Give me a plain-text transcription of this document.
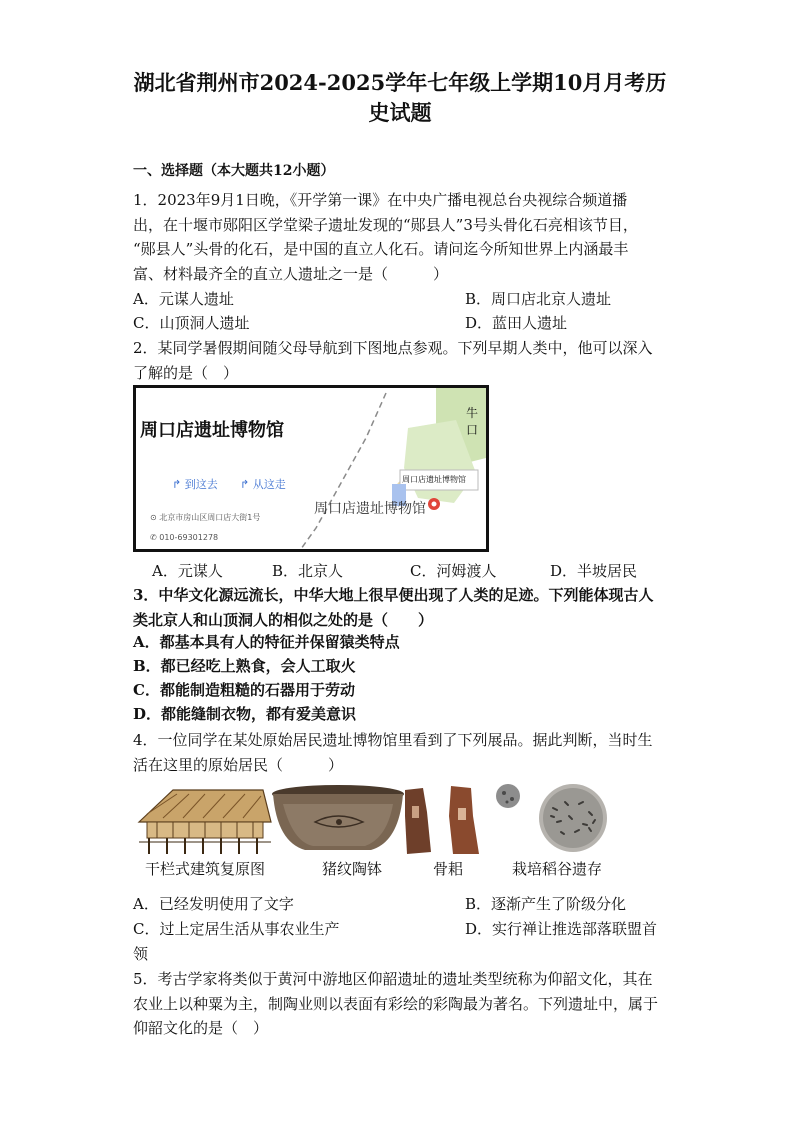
湖北省荆州市2024-2025学年七年级上学期10月月考历
史试题
一、选择题（本大题共12小题）
1．2023年9月1日晚，《开学第一课》在中央广播电视总台央视综合频道播
出，在十堰市郧阳区学堂梁子遗址发现的“郧县人”3号头骨化石亮相该节目，
“郧县人”头骨的化石，是中国的直立人化石。请问迄今所知世界上内涵最丰
富、材料最齐全的直立人遗址之一是（　　　）
A．元谋人遗址	B．周口店北京人遗址
C．山顶洞人遗址	D．蓝田人遗址
2．某同学暑假期间随父母导航到下图地点参观。下列早期人类中，他可以深入
了解的是（　）
周口店遗址博物馆
牛口
↱ 到这去 ↱ 从这走
⊙ 北京市房山区周口店大街1号
✆ 010-69301278
周口店遗址博物馆
周口店遗址博物馆
A．元谋人	B．北京人	C．河姆渡人	D．半坡居民
3．中华文化源远流长，中华大地上很早便出现了人类的足迹。下列能体现古人
类北京人和山顶洞人的相似之处的是（　　）
A．都基本具有人的特征并保留猿类特点
B．都已经吃上熟食，会人工取火
C．都能制造粗糙的石器用于劳动
D．都能缝制衣物，都有爱美意识
4．一位同学在某处原始居民遗址博物馆里看到了下列展品。据此判断，当时生
活在这里的原始居民（　　　）
干栏式建筑复原图	猪纹陶钵	骨耜	栽培稻谷遗存
A．已经发明使用了文字	B．逐渐产生了阶级分化
C．过上定居生活从事农业生产	D．实行禅让推选部落联盟首
领
5．考古学家将类似于黄河中游地区仰韶遗址的遗址类型统称为仰韶文化，其在
农业上以种粟为主，制陶业则以表面有彩绘的彩陶最为著名。下列遗址中，属于
仰韶文化的是（　）
